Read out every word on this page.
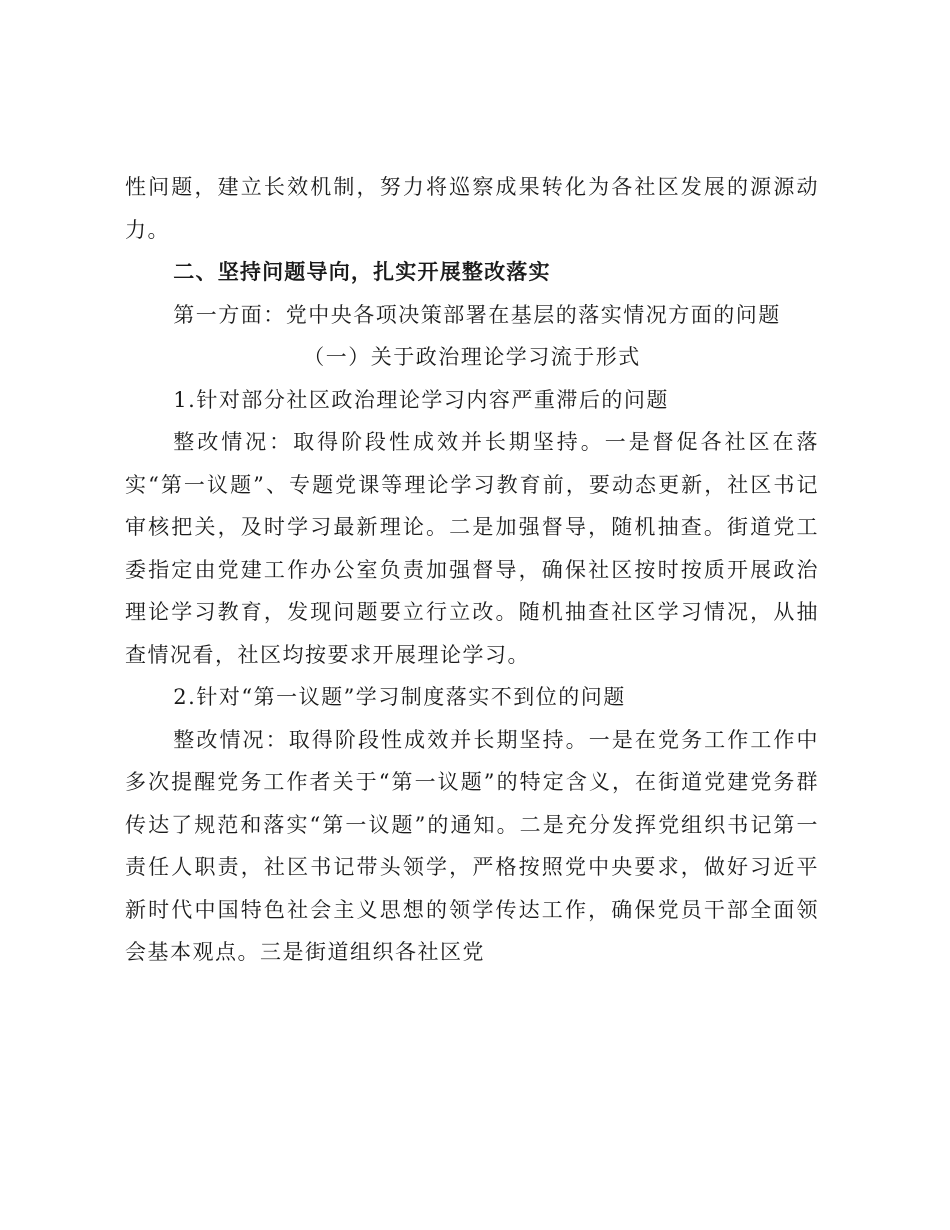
性问题，建立长效机制，努力将巡察成果转化为各社区发展的源源动力。

二、坚持问题导向，扎实开展整改落实

第一方面：党中央各项决策部署在基层的落实情况方面的问题

（一）关于政治理论学习流于形式

1.针对部分社区政治理论学习内容严重滞后的问题

整改情况：取得阶段性成效并长期坚持。一是督促各社区在落实“第一议题”、专题党课等理论学习教育前，要动态更新，社区书记审核把关，及时学习最新理论。二是加强督导，随机抽查。街道党工委指定由党建工作办公室负责加强督导，确保社区按时按质开展政治理论学习教育，发现问题要立行立改。随机抽查社区学习情况，从抽查情况看，社区均按要求开展理论学习。

2.针对“第一议题”学习制度落实不到位的问题

整改情况：取得阶段性成效并长期坚持。一是在党务工作工作中多次提醒党务工作者关于“第一议题”的特定含义，在街道党建党务群传达了规范和落实“第一议题”的通知。二是充分发挥党组织书记第一责任人职责，社区书记带头领学，严格按照党中央要求，做好习近平新时代中国特色社会主义思想的领学传达工作，确保党员干部全面领会基本观点。三是街道组织各社区党
